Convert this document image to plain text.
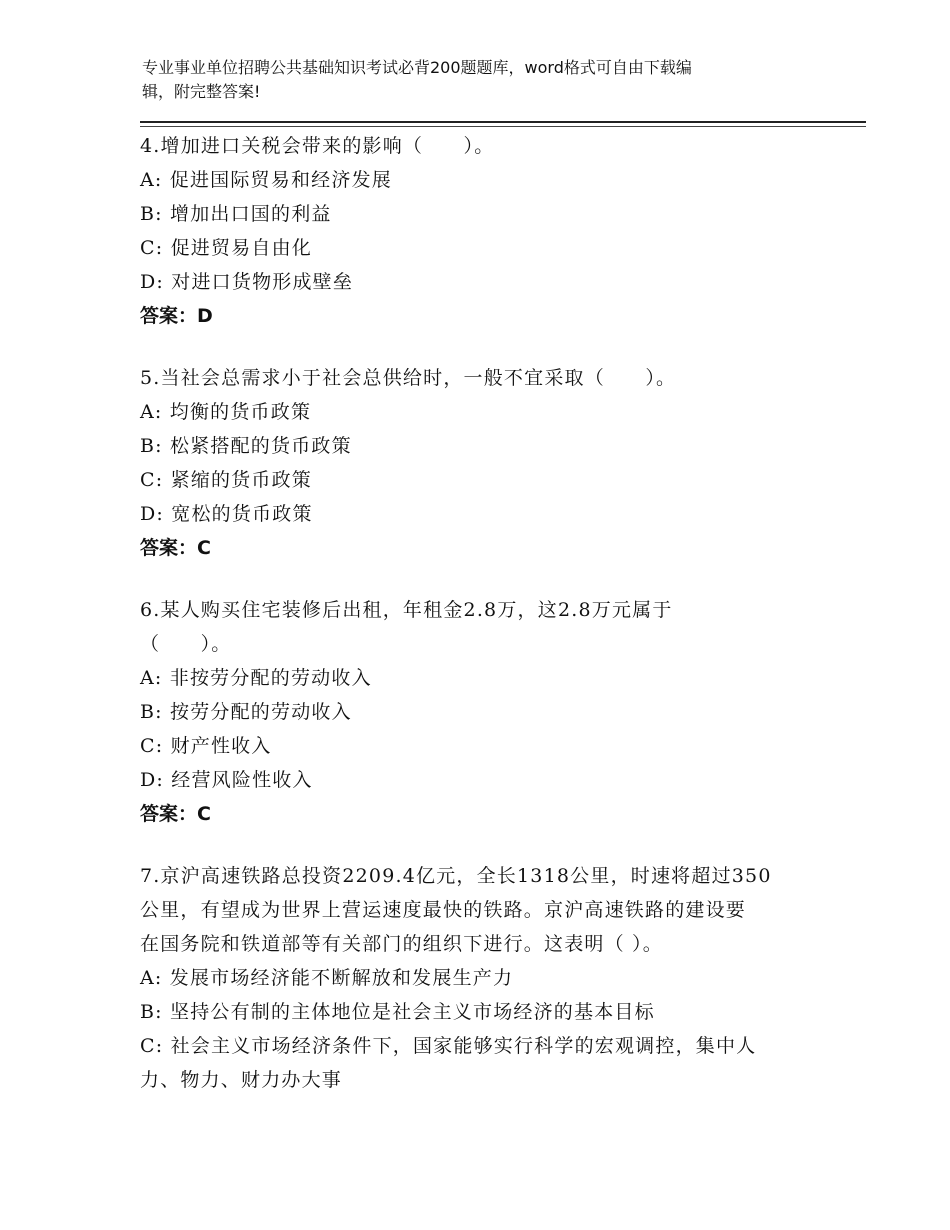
专业事业单位招聘公共基础知识考试必背200题题库，word格式可自由下载编
辑，附完整答案!
4.增加进口关税会带来的影响（　　）。
A: 促进国际贸易和经济发展
B: 增加出口国的利益
C: 促进贸易自由化
D: 对进口货物形成壁垒
答案：D
5.当社会总需求小于社会总供给时，一般不宜采取（　　）。
A: 均衡的货币政策
B: 松紧搭配的货币政策
C: 紧缩的货币政策
D: 宽松的货币政策
答案：C
6.某人购买住宅装修后出租，年租金2.8万，这2.8万元属于
（　　）。
A: 非按劳分配的劳动收入
B: 按劳分配的劳动收入
C: 财产性收入
D: 经营风险性收入
答案：C
7.京沪高速铁路总投资2209.4亿元，全长1318公里，时速将超过350
公里，有望成为世界上营运速度最快的铁路。京沪高速铁路的建设要
在国务院和铁道部等有关部门的组织下进行。这表明（ ）。
A: 发展市场经济能不断解放和发展生产力
B: 坚持公有制的主体地位是社会主义市场经济的基本目标
C: 社会主义市场经济条件下，国家能够实行科学的宏观调控，集中人
力、物力、财力办大事
